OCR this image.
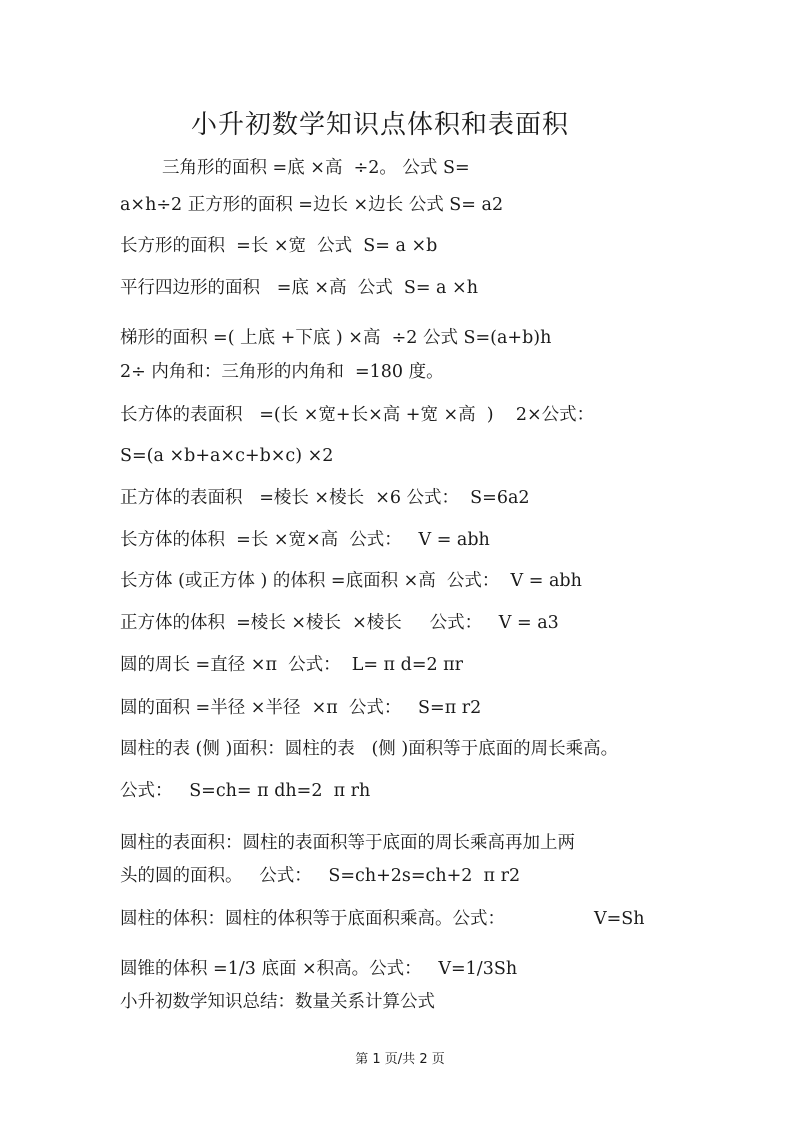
小升初数学知识点体积和表面积
三角形的面积 =底 ×高  ÷2。 公式 S=
a×h÷2 正方形的面积 =边长 ×边长 公式 S= a2
长方形的面积  =长 ×宽  公式  S= a ×b
平行四边形的面积   =底 ×高  公式  S= a ×h
梯形的面积 =( 上底 +下底 ) ×高  ÷2 公式 S=(a+b)h
2÷ 内角和：三角形的内角和  =180 度。
长方体的表面积   =(长 ×宽+长×高 +宽 ×高  )    2×公式：
S=(a ×b+a×c+b×c) ×2
正方体的表面积   =棱长 ×棱长  ×6 公式：  S=6a2
长方体的体积  =长 ×宽×高  公式：   V = abh
长方体 (或正方体 ) 的体积 =底面积 ×高  公式：  V = abh
正方体的体积  =棱长 ×棱长  ×棱长     公式：   V = a3
圆的周长 =直径 ×π  公式：  L= π d=2 πr
圆的面积 =半径 ×半径  ×π  公式：   S=π r2
圆柱的表 (侧 )面积：圆柱的表   (侧 )面积等于底面的周长乘高。
公式：   S=ch= π dh=2  π rh
圆柱的表面积：圆柱的表面积等于底面的周长乘高再加上两
头的圆的面积。   公式：   S=ch+2s=ch+2  π r2
圆柱的体积：圆柱的体积等于底面积乘高。公式：                V=Sh
圆锥的体积 =1/3 底面 ×积高。公式：   V=1/3Sh
小升初数学知识总结：数量关系计算公式
第 1 页/共 2 页
